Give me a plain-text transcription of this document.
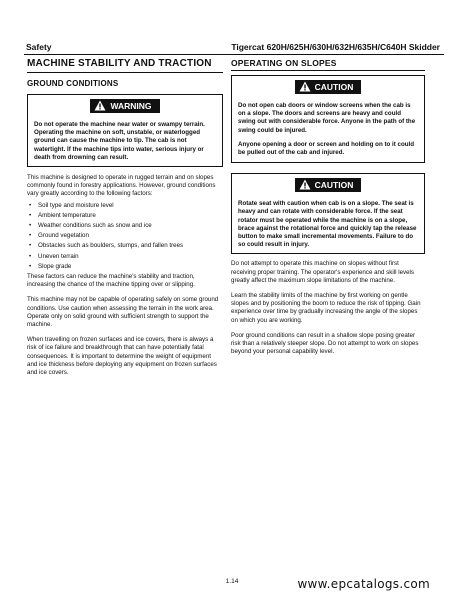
Safety	Tigercat 620H/625H/630H/632H/635H/C640H Skidder
MACHINE STABILITY AND TRACTION
GROUND CONDITIONS
WARNING
Do not operate the machine near water or swampy terrain. Operating the machine on soft, unstable, or waterlogged ground can cause the machine to tip. The cab is not watertight. If the machine tips into water, serious injury or death from drowning can result.
This machine is designed to operate in rugged terrain and on slopes commonly found in forestry applications. However, ground conditions vary greatly according to the following factors:
• Soil type and moisture level
• Ambient temperature
• Weather conditions such as snow and ice
• Ground vegetation
• Obstacles such as boulders, stumps, and fallen trees
• Uneven terrain
• Slope grade
These factors can reduce the machine's stability and traction, increasing the chance of the machine tipping over or slipping.
This machine may not be capable of operating safely on some ground conditions. Use caution when assessing the terrain in the work area. Operate only on solid ground with sufficient strength to support the machine.
When travelling on frozen surfaces and ice covers, there is always a risk of ice failure and breakthrough that can have potentially fatal consequences. It is important to determine the weight of equipment and ice thickness before deploying any equipment on frozen surfaces and ice covers.
OPERATING ON SLOPES
CAUTION
Do not open cab doors or window screens when the cab is on a slope. The doors and screens are heavy and could swing out with considerable force. Anyone in the path of the swing could be injured.
Anyone opening a door or screen and holding on to it could be pulled out of the cab and injured.
CAUTION
Rotate seat with caution when cab is on a slope. The seat is heavy and can rotate with considerable force. If the seat rotator must be operated while the machine is on a slope, brace against the rotational force and quickly tap the release button to make small incremental movements. Failure to do so could result in injury.
Do not attempt to operate this machine on slopes without first receiving proper training. The operator's experience and skill levels greatly affect the maximum slope limitations of the machine.
Learn the stability limits of the machine by first working on gentle slopes and by positioning the boom to reduce the risk of tipping. Gain experience over time by gradually increasing the angle of the slopes on which you are working.
Poor ground conditions can result in a shallow slope posing greater risk than a relatively steeper slope. Do not attempt to work on slopes beyond your personal capability level.
1.14	www.epcatalogs.com
